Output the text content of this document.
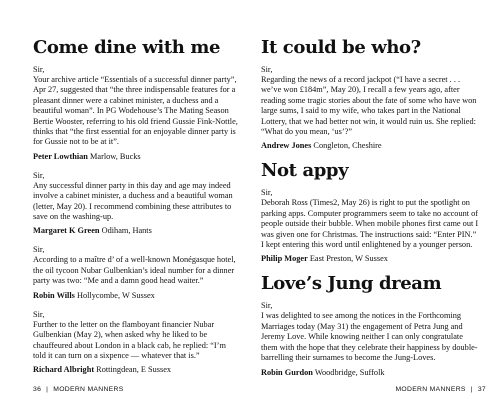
Come dine with me

Sir,

Your archive article “Essentials of a successful dinner party”, Apr 27, suggested that “the three indispensable features for a pleasant dinner were a cabinet minister, a duchess and a beautiful woman”. In PG Wodehouse’s The Mating Season Bertie Wooster, referring to his old friend Gussie Fink-Nottle, thinks that “the first essential for an enjoyable dinner party is for Gussie not to be at it”.

Peter Lowthian Marlow, Bucks

Sir,

Any successful dinner party in this day and age may indeed involve a cabinet minister, a duchess and a beautiful woman (letter, May 20). I recommend combining these attributes to save on the washing-up.

Margaret K Green Odiham, Hants

Sir,

According to a maître d’ of a well-known Monégasque hotel, the oil tycoon Nubar Gulbenkian’s ideal number for a dinner party was two: “Me and a damn good head waiter.”

Robin Wills Hollycombe, W Sussex

Sir,

Further to the letter on the flamboyant financier Nubar Gulbenkian (May 2), when asked why he liked to be chauffeured about London in a black cab, he replied: “I’m told it can turn on a sixpence — whatever that is.”

Richard Albright Rottingdean, E Sussex

36 | MODERN MANNERS
It could be who?

Sir,

Regarding the news of a record jackpot (“I have a secret . . . we’ve won £184m”, May 20), I recall a few years ago, after reading some tragic stories about the fate of some who have won large sums, I said to my wife, who takes part in the National Lottery, that we had better not win, it would ruin us. She replied: “What do you mean, ‘us’?”

Andrew Jones Congleton, Cheshire

Not appy

Sir,

Deborah Ross (Times2, May 26) is right to put the spotlight on parking apps. Computer programmers seem to take no account of people outside their bubble. When mobile phones first came out I was given one for Christmas. The instructions said: “Enter PIN.” I kept entering this word until enlightened by a younger person.

Philip Moger East Preston, W Sussex

Love’s Jung dream

Sir,

I was delighted to see among the notices in the Forthcoming Marriages today (May 31) the engagement of Petra Jung and Jeremy Love. While knowing neither I can only congratulate them with the hope that they celebrate their happiness by double-barrelling their surnames to become the Jung-Loves.

Robin Gurdon Woodbridge, Suffolk

MODERN MANNERS | 37
